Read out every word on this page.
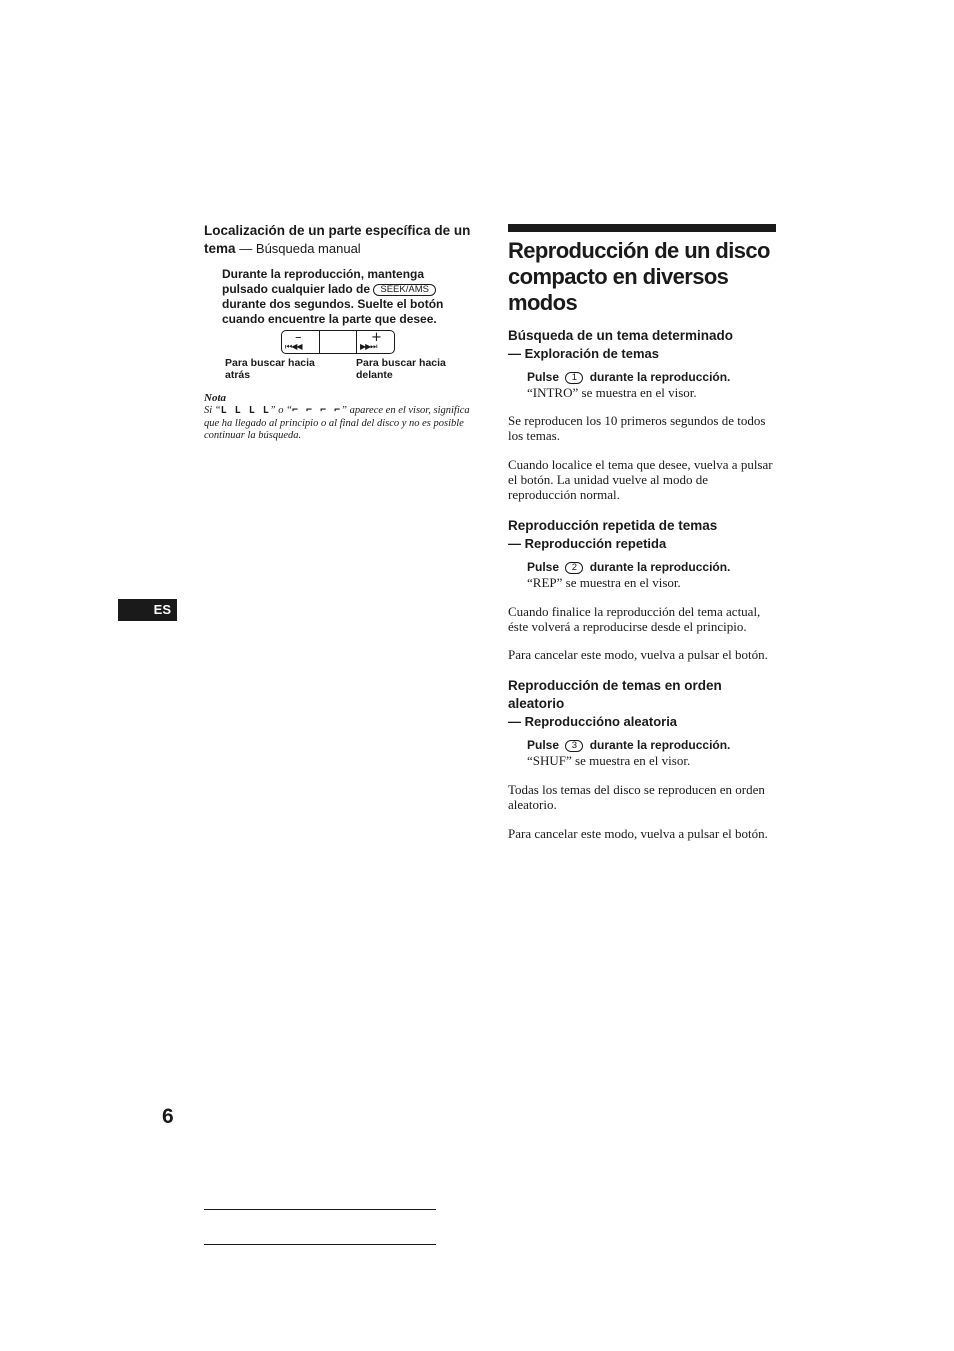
Localización de un parte específica de un tema — Búsqueda manual
Durante la reproducción, mantenga pulsado cualquier lado de SEEK/AMS durante dos segundos. Suelte el botón cuando encuentre la parte que desee.
–
⏮◀◀
+
▶▶⏭
Para buscar hacia atrás
Para buscar hacia delante
Nota
Si “L L L L” o “⌐ ⌐ ⌐ ⌐” aparece en el visor, significa que ha llegado al principio o al final del disco y no es posible continuar la búsqueda.
ES
6
Reproducción de un disco compacto en diversos modos
Búsqueda de un tema determinado
— Exploración de temas
Pulse 1 durante la reproducción.
“INTRO” se muestra en el visor.
Se reproducen los 10 primeros segundos de todos los temas.
Cuando localice el tema que desee, vuelva a pulsar el botón. La unidad vuelve al modo de reproducción normal.
Reproducción repetida de temas
— Reproducción repetida
Pulse 2 durante la reproducción.
“REP” se muestra en el visor.
Cuando finalice la reproducción del tema actual, éste volverá a reproducirse desde el principio.
Para cancelar este modo, vuelva a pulsar el botón.
Reproducción de temas en orden aleatorio
— Reproduccióno aleatoria
Pulse 3 durante la reproducción.
“SHUF” se muestra en el visor.
Todas los temas del disco se reproducen en orden aleatorio.
Para cancelar este modo, vuelva a pulsar el botón.
